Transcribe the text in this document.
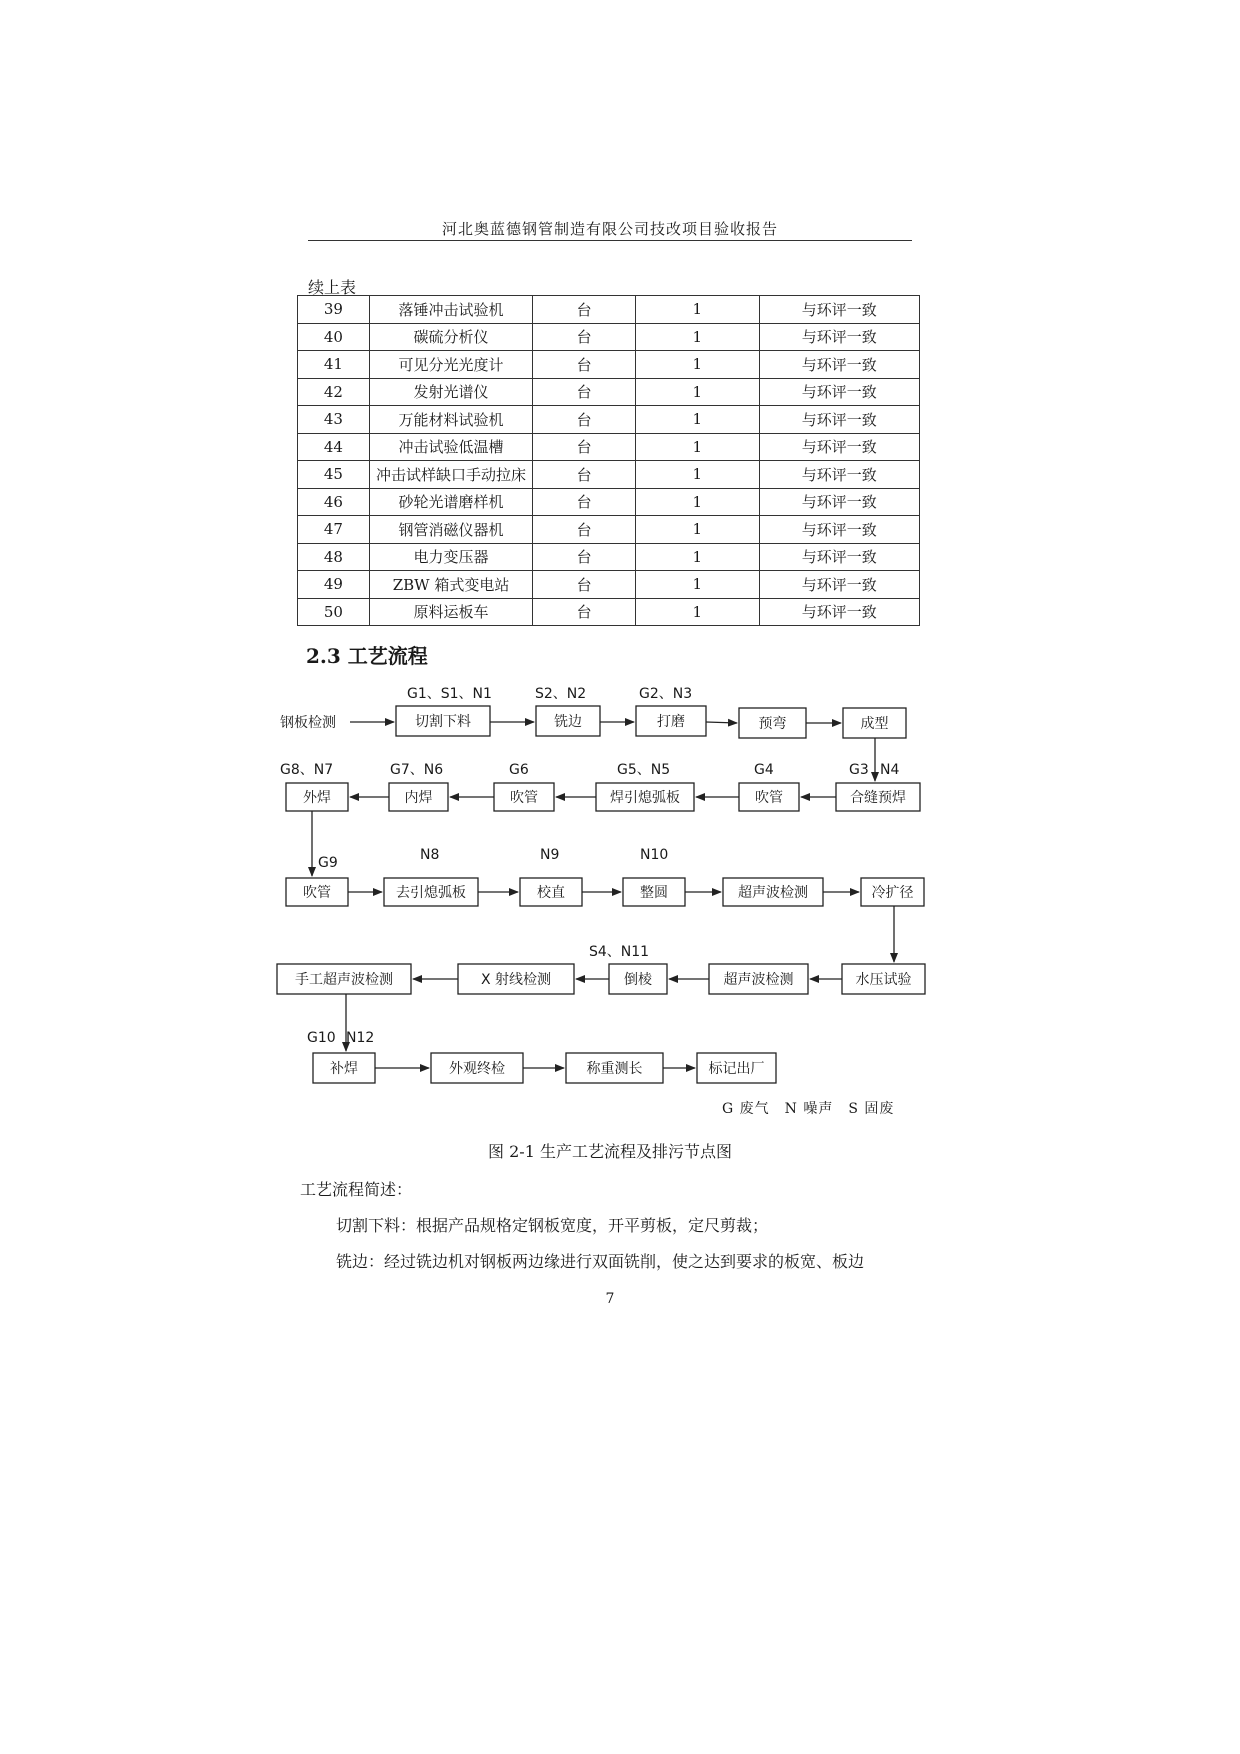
河北奥蓝德钢管制造有限公司技改项目验收报告
续上表
39	落锤冲击试验机	台	1	与环评一致
40	碳硫分析仪	台	1	与环评一致
41	可见分光光度计	台	1	与环评一致
42	发射光谱仪	台	1	与环评一致
43	万能材料试验机	台	1	与环评一致
44	冲击试验低温槽	台	1	与环评一致
45	冲击试样缺口手动拉床	台	1	与环评一致
46	砂轮光谱磨样机	台	1	与环评一致
47	钢管消磁仪器机	台	1	与环评一致
48	电力变压器	台	1	与环评一致
49	ZBW 箱式变电站	台	1	与环评一致
50	原料运板车	台	1	与环评一致
2.3 工艺流程
切割下料	铣边	打磨	预弯	成型
合缝预焊
吹管
焊引熄弧板
吹管
内焊
外焊
吹管	去引熄弧板	校直	整圆	超声波检测	冷扩径
水压试验
超声波检测
倒棱
X 射线检测
手工超声波检测
补焊	外观终检	称重测长	标记出厂
钢板检测
G1、S1、N1	S2、N2	G2、N3
G3 N4
G4
G5、N5
G6
G7、N6
G8、N7
G9	N8	N9	N10
S4、N11
G10 N12
G 废气　N 噪声　S 固废
图 2-1 生产工艺流程及排污节点图
工艺流程简述：
切割下料：根据产品规格定钢板宽度，开平剪板，定尺剪裁；
铣边：经过铣边机对钢板两边缘进行双面铣削，使之达到要求的板宽、板边
7
